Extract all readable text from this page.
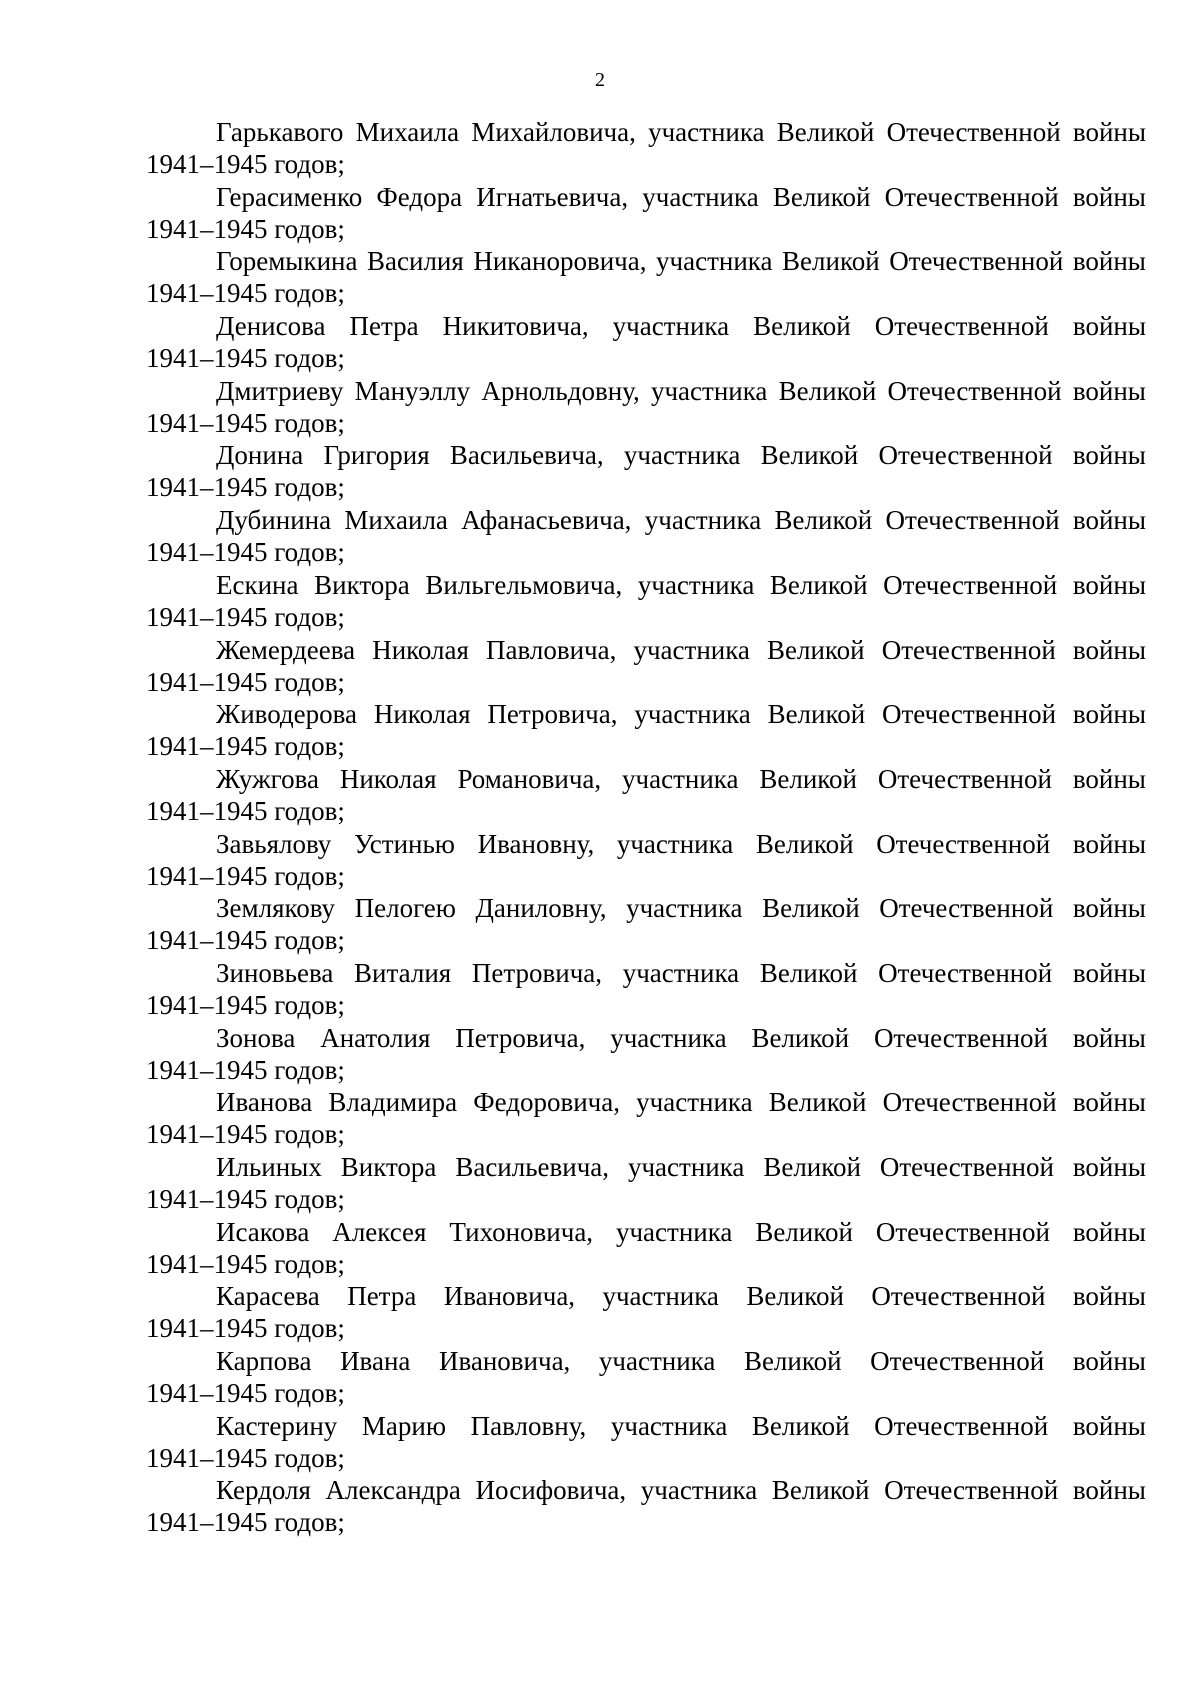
2

Гарькавого Михаила Михайловича, участника Великой Отечественной войны

1941–1945 годов;

Герасименко Федора Игнатьевича, участника Великой Отечественной войны

1941–1945 годов;

Горемыкина Василия Никаноровича, участника Великой Отечественной войны

1941–1945 годов;

Денисова Петра Никитовича, участника Великой Отечественной войны

1941–1945 годов;

Дмитриеву Мануэллу Арнольдовну, участника Великой Отечественной войны

1941–1945 годов;

Донина Григория Васильевича, участника Великой Отечественной войны

1941–1945 годов;

Дубинина Михаила Афанасьевича, участника Великой Отечественной войны

1941–1945 годов;

Ескина Виктора Вильгельмовича, участника Великой Отечественной войны

1941–1945 годов;

Жемердеева Николая Павловича, участника Великой Отечественной войны

1941–1945 годов;

Живодерова Николая Петровича, участника Великой Отечественной войны

1941–1945 годов;

Жужгова Николая Романовича, участника Великой Отечественной войны

1941–1945 годов;

Завьялову Устинью Ивановну, участника Великой Отечественной войны

1941–1945 годов;

Землякову Пелогею Даниловну, участника Великой Отечественной войны

1941–1945 годов;

Зиновьева Виталия Петровича, участника Великой Отечественной войны

1941–1945 годов;

Зонова Анатолия Петровича, участника Великой Отечественной войны

1941–1945 годов;

Иванова Владимира Федоровича, участника Великой Отечественной войны

1941–1945 годов;

Ильиных Виктора Васильевича, участника Великой Отечественной войны

1941–1945 годов;

Исакова Алексея Тихоновича, участника Великой Отечественной войны

1941–1945 годов;

Карасева Петра Ивановича, участника Великой Отечественной войны

1941–1945 годов;

Карпова Ивана Ивановича, участника Великой Отечественной войны

1941–1945 годов;

Кастерину Марию Павловну, участника Великой Отечественной войны

1941–1945 годов;

Кердоля Александра Иосифовича, участника Великой Отечественной войны

1941–1945 годов;
